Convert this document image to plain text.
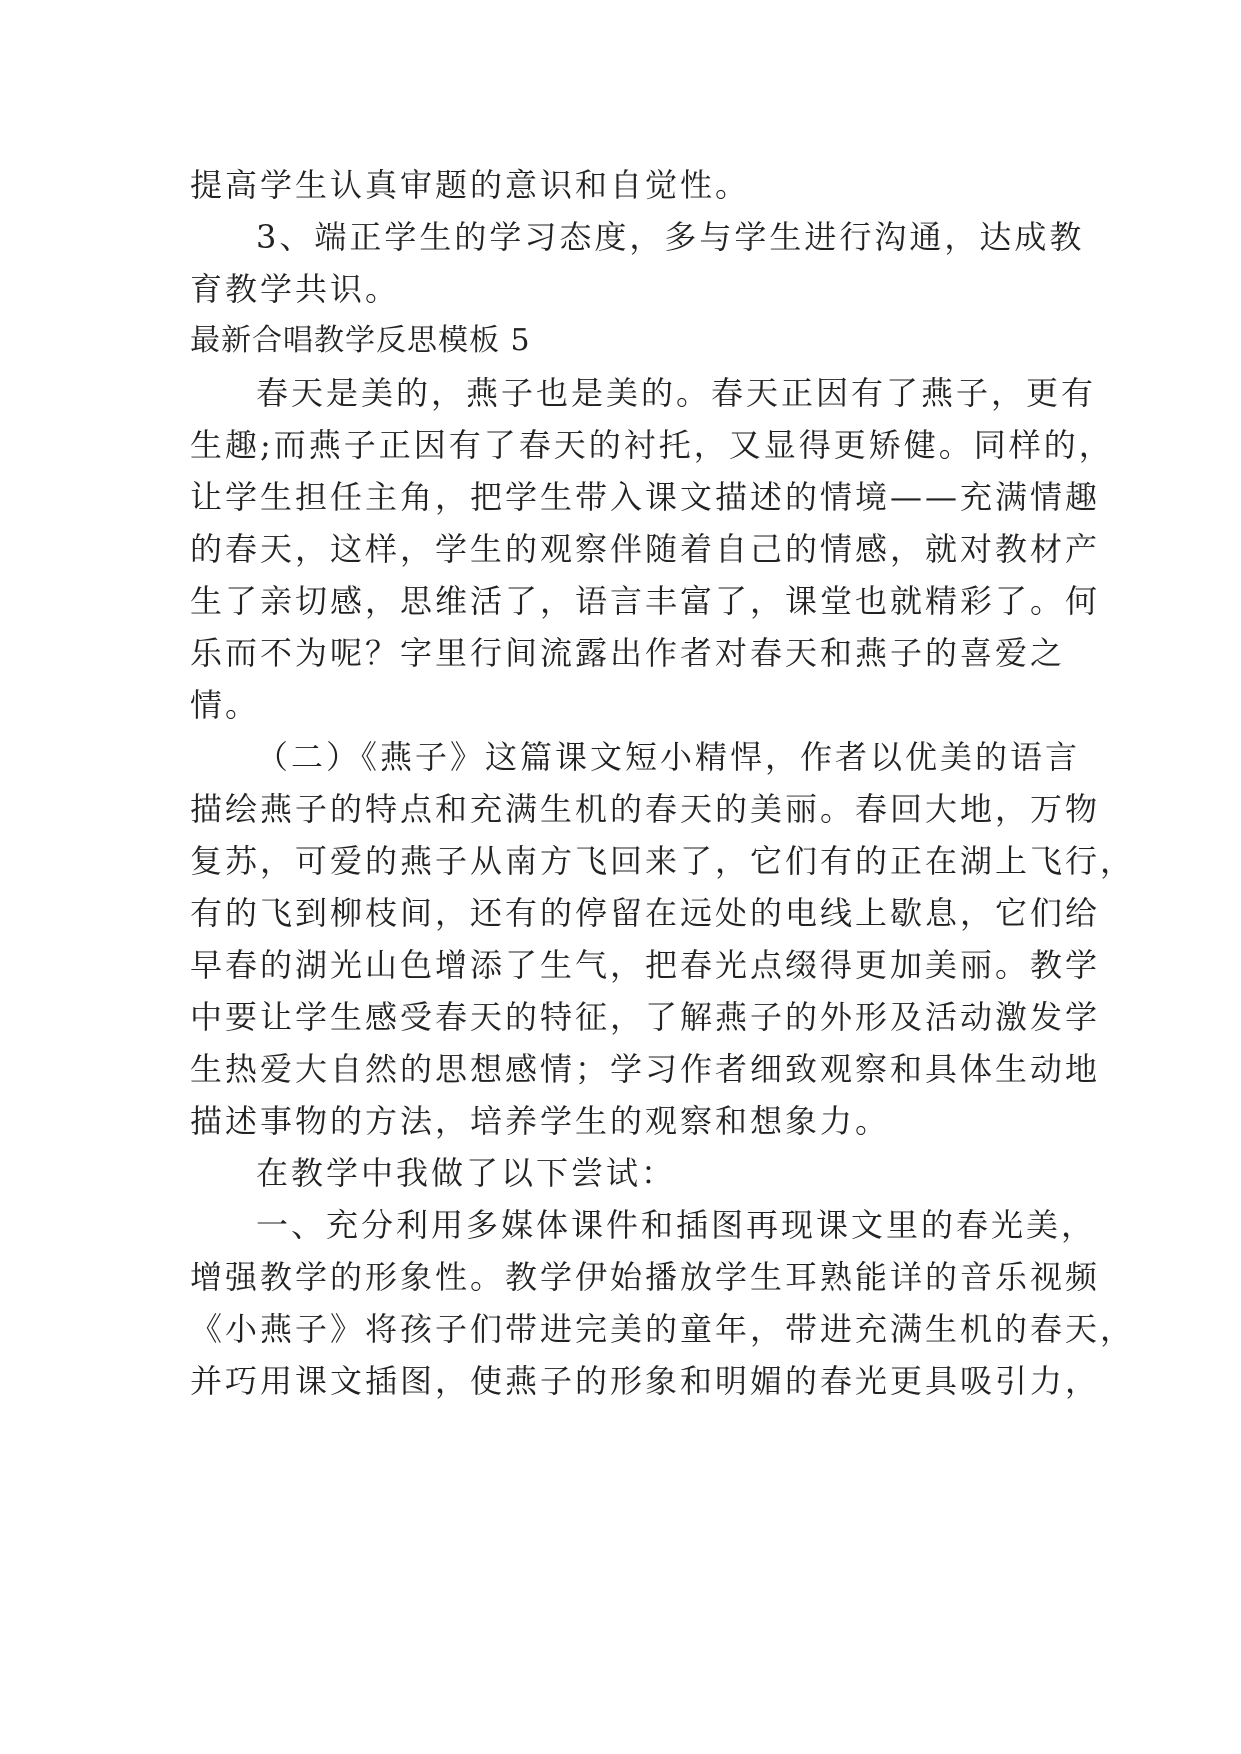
提高学生认真审题的意识和自觉性。
3、端正学生的学习态度，多与学生进行沟通，达成教
育教学共识。
最新合唱教学反思模板 5
春天是美的，燕子也是美的。春天正因有了燕子，更有
生趣;而燕子正因有了春天的衬托，又显得更矫健。同样的，
让学生担任主角，把学生带入课文描述的情境——充满情趣
的春天，这样，学生的观察伴随着自己的情感，就对教材产
生了亲切感，思维活了，语言丰富了，课堂也就精彩了。何
乐而不为呢？字里行间流露出作者对春天和燕子的喜爱之
情。
（二）《燕子》这篇课文短小精悍，作者以优美的语言
描绘燕子的特点和充满生机的春天的美丽。春回大地，万物
复苏，可爱的燕子从南方飞回来了，它们有的正在湖上飞行，
有的飞到柳枝间，还有的停留在远处的电线上歇息，它们给
早春的湖光山色增添了生气，把春光点缀得更加美丽。教学
中要让学生感受春天的特征，了解燕子的外形及活动激发学
生热爱大自然的思想感情；学习作者细致观察和具体生动地
描述事物的方法，培养学生的观察和想象力。
在教学中我做了以下尝试：
一、充分利用多媒体课件和插图再现课文里的春光美，
增强教学的形象性。教学伊始播放学生耳熟能详的音乐视频
《小燕子》将孩子们带进完美的童年，带进充满生机的春天，
并巧用课文插图，使燕子的形象和明媚的春光更具吸引力，
